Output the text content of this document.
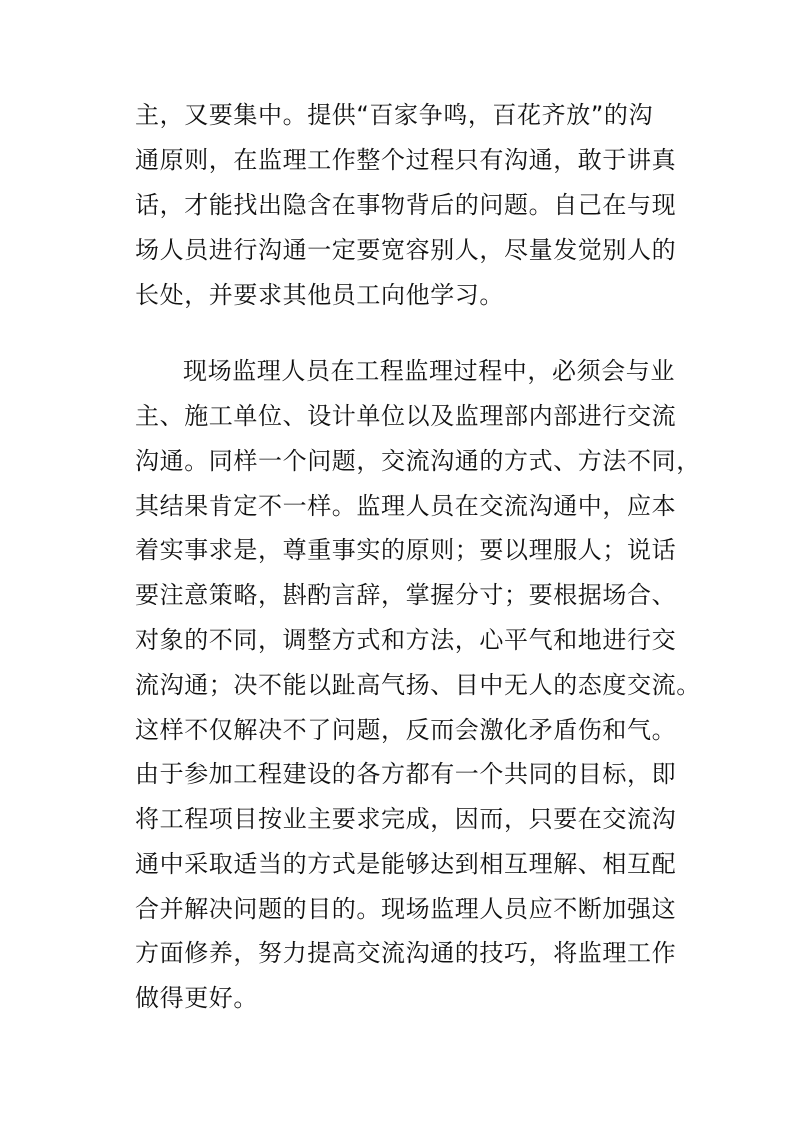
主，又要集中。提供“百家争鸣，百花齐放”的沟
通原则，在监理工作整个过程只有沟通，敢于讲真
话，才能找出隐含在事物背后的问题。自己在与现
场人员进行沟通一定要宽容别人，尽量发觉别人的
长处，并要求其他员工向他学习。
现场监理人员在工程监理过程中，必须会与业
主、施工单位、设计单位以及监理部内部进行交流
沟通。同样一个问题，交流沟通的方式、方法不同，
其结果肯定不一样。监理人员在交流沟通中，应本
着实事求是，尊重事实的原则；要以理服人；说话
要注意策略，斟酌言辞，掌握分寸；要根据场合、
对象的不同，调整方式和方法，心平气和地进行交
流沟通；决不能以趾高气扬、目中无人的态度交流。
这样不仅解决不了问题，反而会激化矛盾伤和气。
由于参加工程建设的各方都有一个共同的目标，即
将工程项目按业主要求完成，因而，只要在交流沟
通中采取适当的方式是能够达到相互理解、相互配
合并解决问题的目的。现场监理人员应不断加强这
方面修养，努力提高交流沟通的技巧，将监理工作
做得更好。
